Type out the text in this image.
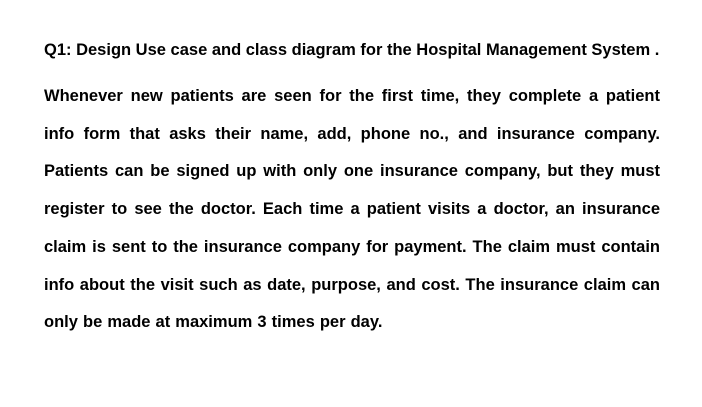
Q1: Design Use case and class diagram for the Hospital Management System .

Whenever new patients are seen for the first time, they complete a patient info form that asks their name, add, phone no., and insurance company. Patients can be signed up with only one insurance company, but they must register to see the doctor. Each time a patient visits a doctor, an insurance claim is sent to the insurance company for payment. The claim must contain info about the visit such as date, purpose, and cost. The insurance claim can only be made at maximum 3 times per day.
